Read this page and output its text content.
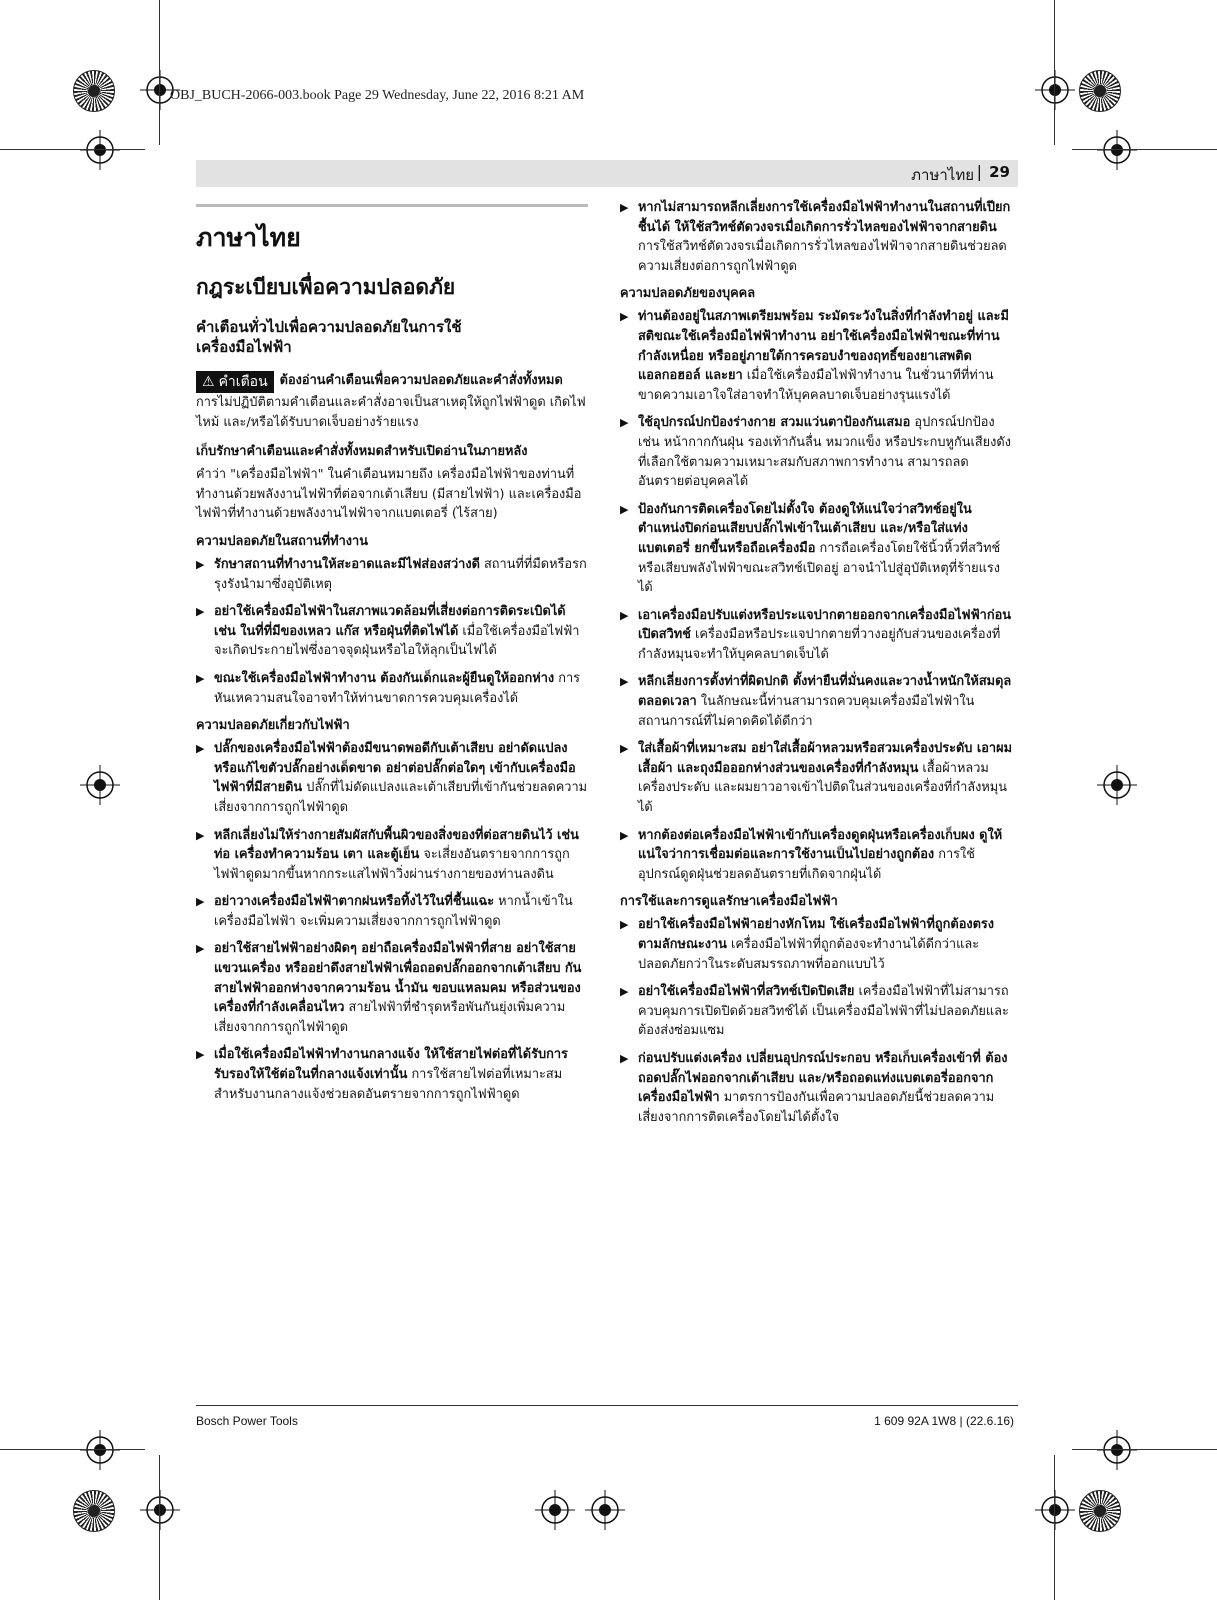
OBJ_BUCH-2066-003.book Page 29 Wednesday, June 22, 2016 8:21 AM
ภาษาไทย | 29
ภาษาไทย
กฎระเบียบเพื่อความปลอดภัย
คำเตือนทั่วไปเพื่อความปลอดภัยในการใช้เครื่องมือไฟฟ้า
⚠ คำเตือน ต้องอ่านคำเตือนเพื่อความปลอดภัยและคำสั่งทั้งหมด การไม่ปฏิบัติตามคำเตือนและคำสั่งอาจเป็นสาเหตุให้ถูกไฟฟ้าดูด เกิดไฟไหม้ และ/หรือได้รับบาดเจ็บอย่างร้ายแรง
เก็บรักษาคำเตือนและคำสั่งทั้งหมดสำหรับเปิดอ่านในภายหลัง

คำว่า "เครื่องมือไฟฟ้า" ในคำเตือนหมายถึง เครื่องมือไฟฟ้าของท่านที่ทำงานด้วยพลังงานไฟฟ้าที่ต่อจากเต้าเสียบ (มีสายไฟฟ้า) และเครื่องมือไฟฟ้าที่ทำงานด้วยพลังงานไฟฟ้าจากแบตเตอรี่ (ไร้สาย)

ความปลอดภัยในสถานที่ทำงาน
▶ รักษาสถานที่ทำงานให้สะอาดและมีไฟส่องสว่างดี สถานที่ที่มืดหรือรกรุงรังนำมาซึ่งอุบัติเหตุ
▶ อย่าใช้เครื่องมือไฟฟ้าในสภาพแวดล้อมที่เสี่ยงต่อการติดระเบิดได้ เช่น ในที่ที่มีของเหลว แก๊ส หรือฝุ่นที่ติดไฟได้ เมื่อใช้เครื่องมือไฟฟ้าจะเกิดประกายไฟซึ่งอาจจุดฝุ่นหรือไอให้ลุกเป็นไฟได้
▶ ขณะใช้เครื่องมือไฟฟ้าทำงาน ต้องกันเด็กและผู้ยืนดูให้ออกห่าง การหันเหความสนใจอาจทำให้ท่านขาดการควบคุมเครื่องได้
ความปลอดภัยเกี่ยวกับไฟฟ้า
▶ ปลั๊กของเครื่องมือไฟฟ้าต้องมีขนาดพอดีกับเต้าเสียบ อย่าดัดแปลงหรือแก้ไขตัวปลั๊กอย่างเด็ดขาด อย่าต่อปลั๊กต่อใดๆ เข้ากับเครื่องมือไฟฟ้าที่มีสายดิน ปลั๊กที่ไม่ดัดแปลงและเต้าเสียบที่เข้ากันช่วยลดความเสี่ยงจากการถูกไฟฟ้าดูด
▶ หลีกเลี่ยงไม่ให้ร่างกายสัมผัสกับพื้นผิวของสิ่งของที่ต่อสายดินไว้ เช่น ท่อ เครื่องทำความร้อน เตา และตู้เย็น จะเสี่ยงอันตรายจากการถูกไฟฟ้าดูดมากขึ้นหากกระแสไฟฟ้าวิ่งผ่านร่างกายของท่านลงดิน
▶ อย่าวางเครื่องมือไฟฟ้าตากฝนหรือทิ้งไว้ในที่ชื้นแฉะ หากน้ำเข้าในเครื่องมือไฟฟ้า จะเพิ่มความเสี่ยงจากการถูกไฟฟ้าดูด
▶ อย่าใช้สายไฟฟ้าอย่างผิดๆ อย่าถือเครื่องมือไฟฟ้าที่สาย อย่าใช้สายแขวนเครื่อง หรืออย่าดึงสายไฟฟ้าเพื่อถอดปลั๊กออกจากเต้าเสียบ กันสายไฟฟ้าออกห่างจากความร้อน น้ำมัน ขอบแหลมคม หรือส่วนของเครื่องที่กำลังเคลื่อนไหว สายไฟฟ้าที่ชำรุดหรือพันกันยุ่งเพิ่มความเสี่ยงจากการถูกไฟฟ้าดูด
▶ เมื่อใช้เครื่องมือไฟฟ้าทำงานกลางแจ้ง ให้ใช้สายไฟต่อที่ได้รับการรับรองให้ใช้ต่อในที่กลางแจ้งเท่านั้น การใช้สายไฟต่อที่เหมาะสมสำหรับงานกลางแจ้งช่วยลดอันตรายจากการถูกไฟฟ้าดูด
▶ หากไม่สามารถหลีกเลี่ยงการใช้เครื่องมือไฟฟ้าทำงานในสถานที่เปียกชื้นได้ ให้ใช้สวิทช์ตัดวงจรเมื่อเกิดการรั่วไหลของไฟฟ้าจากสายดิน การใช้สวิทช์ตัดวงจรเมื่อเกิดการรั่วไหลของไฟฟ้าจากสายดินช่วยลดความเสี่ยงต่อการถูกไฟฟ้าดูด
ความปลอดภัยของบุคคล
▶ ท่านต้องอยู่ในสภาพเตรียมพร้อม ระมัดระวังในสิ่งที่กำลังทำอยู่ และมีสติขณะใช้เครื่องมือไฟฟ้าทำงาน อย่าใช้เครื่องมือไฟฟ้าขณะที่ท่านกำลังเหนื่อย หรืออยู่ภายใต้การครอบงำของฤทธิ์ของยาเสพติด แอลกอฮอล์ และยา เมื่อใช้เครื่องมือไฟฟ้าทำงาน ในชั่วนาทีที่ท่านขาดความเอาใจใส่อาจทำให้บุคคลบาดเจ็บอย่างรุนแรงได้
▶ ใช้อุปกรณ์ปกป้องร่างกาย สวมแว่นตาป้องกันเสมอ อุปกรณ์ปกป้อง เช่น หน้ากากกันฝุ่น รองเท้ากันลื่น หมวกแข็ง หรือประกบหูกันเสียงดัง ที่เลือกใช้ตามความเหมาะสมกับสภาพการทำงาน สามารถลดอันตรายต่อบุคคลได้
▶ ป้องกันการติดเครื่องโดยไม่ตั้งใจ ต้องดูให้แน่ใจว่าสวิทช์อยู่ในตำแหน่งปิดก่อนเสียบปลั๊กไฟเข้าในเต้าเสียบ และ/หรือใส่แท่งแบตเตอรี่ ยกขึ้นหรือถือเครื่องมือ การถือเครื่องโดยใช้นิ้วหิ้วที่สวิทช์ หรือเสียบพลังไฟฟ้าขณะสวิทช์เปิดอยู่ อาจนำไปสู่อุบัติเหตุที่ร้ายแรงได้
▶ เอาเครื่องมือปรับแต่งหรือประแจปากตายออกจากเครื่องมือไฟฟ้าก่อนเปิดสวิทช์ เครื่องมือหรือประแจปากตายที่วางอยู่กับส่วนของเครื่องที่กำลังหมุนจะทำให้บุคคลบาดเจ็บได้
▶ หลีกเลี่ยงการตั้งท่าที่ผิดปกติ ตั้งท่ายืนที่มั่นคงและวางน้ำหนักให้สมดุลตลอดเวลา ในลักษณะนี้ท่านสามารถควบคุมเครื่องมือไฟฟ้าในสถานการณ์ที่ไม่คาดคิดได้ดีกว่า
▶ ใส่เสื้อผ้าที่เหมาะสม อย่าใส่เสื้อผ้าหลวมหรือสวมเครื่องประดับ เอาผม เสื้อผ้า และถุงมือออกห่างส่วนของเครื่องที่กำลังหมุน เสื้อผ้าหลวม เครื่องประดับ และผมยาวอาจเข้าไปติดในส่วนของเครื่องที่กำลังหมุนได้
▶ หากต้องต่อเครื่องมือไฟฟ้าเข้ากับเครื่องดูดฝุ่นหรือเครื่องเก็บผง ดูให้แน่ใจว่าการเชื่อมต่อและการใช้งานเป็นไปอย่างถูกต้อง การใช้อุปกรณ์ดูดฝุ่นช่วยลดอันตรายที่เกิดจากฝุ่นได้
การใช้และการดูแลรักษาเครื่องมือไฟฟ้า
▶ อย่าใช้เครื่องมือไฟฟ้าอย่างหักโหม ใช้เครื่องมือไฟฟ้าที่ถูกต้องตรงตามลักษณะงาน เครื่องมือไฟฟ้าที่ถูกต้องจะทำงานได้ดีกว่าและปลอดภัยกว่าในระดับสมรรถภาพที่ออกแบบไว้
▶ อย่าใช้เครื่องมือไฟฟ้าที่สวิทช์เปิดปิดเสีย เครื่องมือไฟฟ้าที่ไม่สามารถควบคุมการเปิดปิดด้วยสวิทช์ได้ เป็นเครื่องมือไฟฟ้าที่ไม่ปลอดภัยและต้องส่งซ่อมแซม
▶ ก่อนปรับแต่งเครื่อง เปลี่ยนอุปกรณ์ประกอบ หรือเก็บเครื่องเข้าที่ ต้องถอดปลั๊กไฟออกจากเต้าเสียบ และ/หรือถอดแท่งแบตเตอรี่ออกจากเครื่องมือไฟฟ้า มาตรการป้องกันเพื่อความปลอดภัยนี้ช่วยลดความเสี่ยงจากการติดเครื่องโดยไม่ได้ตั้งใจ
Bosch Power Tools	1 609 92A 1W8 | (22.6.16)
